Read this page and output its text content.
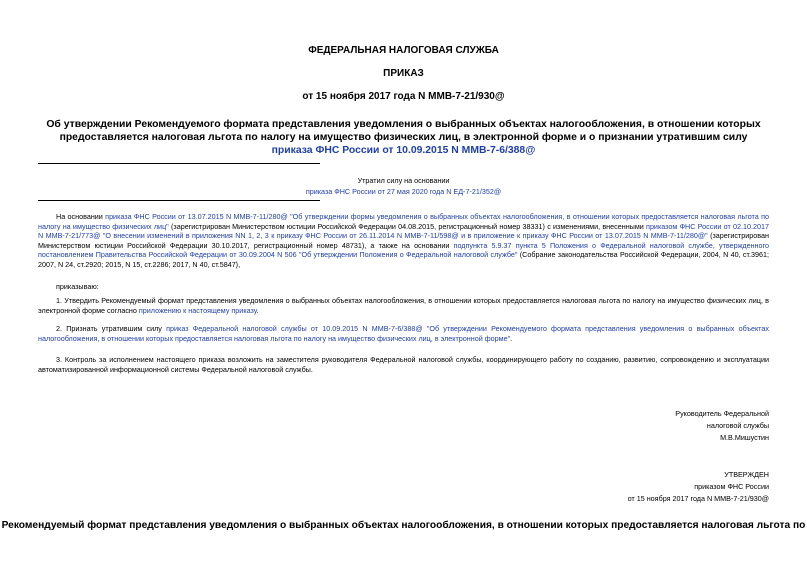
ФЕДЕРАЛЬНАЯ НАЛОГОВАЯ СЛУЖБА
ПРИКАЗ
от 15 ноября 2017 года N ММВ-7-21/930@
Об утверждении Рекомендуемого формата представления уведомления о выбранных объектах налогообложения, в отношении которых предоставляется налоговая льгота по налогу на имущество физических лиц, в электронной форме и о признании утратившим силу приказа ФНС России от 10.09.2015 N ММВ-7-6/388@
Утратил силу на основании
приказа ФНС России от 27 мая 2020 года N ЕД-7-21/352@
На основании приказа ФНС России от 13.07.2015 N ММВ-7-11/280@ "Об утверждении формы уведомления о выбранных объектах налогообложения, в отношении которых предоставляется налоговая льгота по налогу на имущество физических лиц" (зарегистрирован Министерством юстиции Российской Федерации 04.08.2015, регистрационный номер 38331) с изменениями, внесенными приказом ФНС России от 02.10.2017 N ММВ-7-21/773@ "О внесении изменений в приложения NN 1, 2, 3 к приказу ФНС России от 26.11.2014 N ММВ-7-11/598@ и в приложение к приказу ФНС России от 13.07.2015 N ММВ-7-11/280@" (зарегистрирован Министерством юстиции Российской Федерации 30.10.2017, регистрационный номер 48731), а также на основании подпункта 5.9.37 пункта 5 Положения о Федеральной налоговой службе, утвержденного постановлением Правительства Российской Федерации от 30.09.2004 N 506 "Об утверждении Положения о Федеральной налоговой службе" (Собрание законодательства Российской Федерации, 2004, N 40, ст.3961; 2007, N 24, ст.2920; 2015, N 15, ст.2286; 2017, N 40, ст.5847),
приказываю:
1. Утвердить Рекомендуемый формат представления уведомления о выбранных объектах налогообложения, в отношении которых предоставляется налоговая льгота по налогу на имущество физических лиц, в электронной форме согласно приложению к настоящему приказу.
2. Признать утратившим силу приказ Федеральной налоговой службы от 10.09.2015 N ММВ-7-6/388@ "Об утверждении Рекомендуемого формата представления уведомления о выбранных объектах налогообложения, в отношении которых предоставляется налоговая льгота по налогу на имущество физических лиц, в электронной форме".
3. Контроль за исполнением настоящего приказа возложить на заместителя руководителя Федеральной налоговой службы, координирующего работу по созданию, развитию, сопровождению и эксплуатации автоматизированной информационной системы Федеральной налоговой службы.
Руководитель Федеральной
налоговой службы
М.В.Мишустин
УТВЕРЖДЕН
приказом ФНС России
от 15 ноября 2017 года N ММВ-7-21/930@
Рекомендуемый формат представления уведомления о выбранных объектах налогообложения, в отношении которых предоставляется налоговая льгота по
